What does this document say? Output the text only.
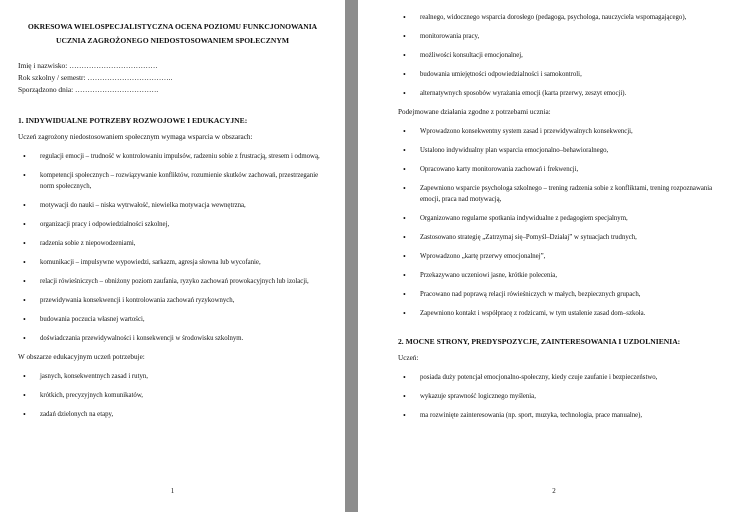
OKRESOWA WIELOSPECJALISTYCZNA OCENA POZIOMU FUNKCJONOWANIA UCZNIA ZAGROŻONEGO NIEDOSTOSOWANIEM SPOŁECZNYM
Imię i nazwisko: ………………………………
Rok szkolny / semestr: ……………………………..
Sporządzono dnia: …………………………….
1. INDYWIDUALNE POTRZEBY ROZWOJOWE I EDUKACYJNE:
Uczeń zagrożony niedostosowaniem społecznym wymaga wsparcia w obszarach:
• regulacji emocji – trudność w kontrolowaniu impulsów, radzeniu sobie z frustracją, stresem i odmową,
• kompetencji społecznych – rozwiązywanie konfliktów, rozumienie skutków zachowań, przestrzeganie norm społecznych,
• motywacji do nauki – niska wytrwałość, niewielka motywacja wewnętrzna,
• organizacji pracy i odpowiedzialności szkolnej,
• radzenia sobie z niepowodzeniami,
• komunikacji – impulsywne wypowiedzi, sarkazm, agresja słowna lub wycofanie,
• relacji rówieśniczych – obniżony poziom zaufania, ryzyko zachowań prowokacyjnych lub izolacji,
• przewidywania konsekwencji i kontrolowania zachowań ryzykownych,
• budowania poczucia własnej wartości,
• doświadczania przewidywalności i konsekwencji w środowisku szkolnym.
W obszarze edukacyjnym uczeń potrzebuje:
• jasnych, konsekwentnych zasad i rutyn,
• krótkich, precyzyjnych komunikatów,
• zadań dzielonych na etapy,
1
• realnego, widocznego wsparcia dorosłego (pedagoga, psychologa, nauczyciela wspomagającego),
• monitorowania pracy,
• możliwości konsultacji emocjonalnej,
• budowania umiejętności odpowiedzialności i samokontroli,
• alternatywnych sposobów wyrażania emocji (karta przerwy, zeszyt emocji).
Podejmowane działania zgodne z potrzebami ucznia:
• Wprowadzono konsekwentny system zasad i przewidywalnych konsekwencji,
• Ustalono indywidualny plan wsparcia emocjonalno–behawioralnego,
• Opracowano karty monitorowania zachowań i frekwencji,
• Zapewniono wsparcie psychologa szkolnego – trening radzenia sobie z konfliktami, trening rozpoznawania emocji, praca nad motywacją,
• Organizowano regularne spotkania indywidualne z pedagogiem specjalnym,
• Zastosowano strategię „Zatrzymaj się–Pomyśl–Działaj” w sytuacjach trudnych,
• Wprowadzono „kartę przerwy emocjonalnej”,
• Przekazywano uczeniowi jasne, krótkie polecenia,
• Pracowano nad poprawą relacji rówieśniczych w małych, bezpiecznych grupach,
• Zapewniono kontakt i współpracę z rodzicami, w tym ustalenie zasad dom–szkoła.
2. MOCNE STRONY, PREDYSPOZYCJE, ZAINTERESOWANIA I UZDOLNIENIA:
Uczeń:
• posiada duży potencjał emocjonalno-społeczny, kiedy czuje zaufanie i bezpieczeństwo,
• wykazuje sprawność logicznego myślenia,
• ma rozwinięte zainteresowania (np. sport, muzyka, technologia, prace manualne),
2
